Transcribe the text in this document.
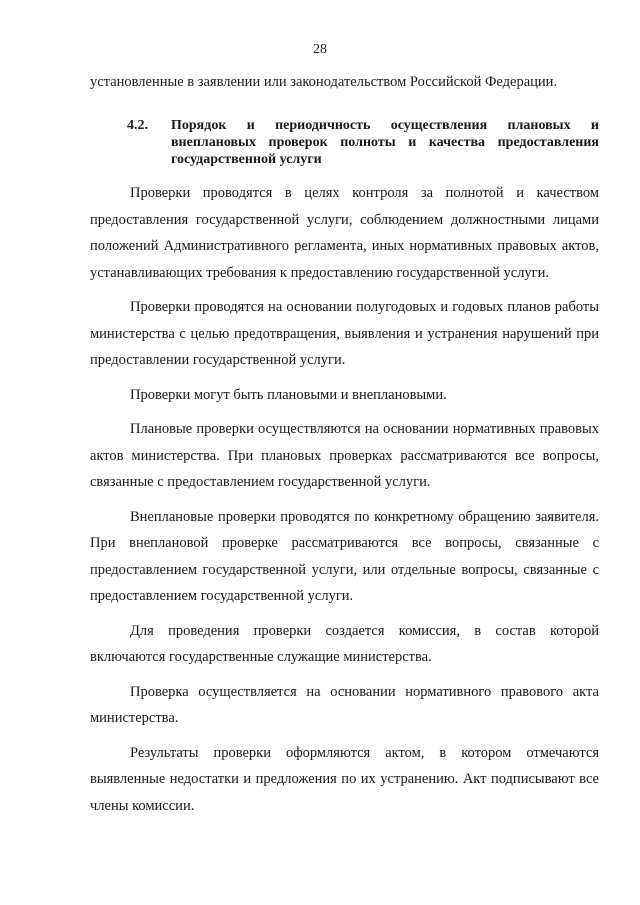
28
установленные в заявлении или законодательством Российской Федерации.
4.2. Порядок и периодичность осуществления плановых и внеплановых проверок полноты и качества предоставления государственной услуги

Проверки проводятся в целях контроля за полнотой и качеством предоставления государственной услуги, соблюдением должностными лицами положений Административного регламента, иных нормативных правовых актов, устанавливающих требования к предоставлению государственной услуги.

Проверки проводятся на основании полугодовых и годовых планов работы министерства с целью предотвращения, выявления и устранения нарушений при предоставлении государственной услуги.

Проверки могут быть плановыми и внеплановыми.

Плановые проверки осуществляются на основании нормативных правовых актов министерства. При плановых проверках рассматриваются все вопросы, связанные с предоставлением государственной услуги.

Внеплановые проверки проводятся по конкретному обращению заявителя. При внеплановой проверке рассматриваются все вопросы, связанные с предоставлением государственной услуги, или отдельные вопросы, связанные с предоставлением государственной услуги.

Для проведения проверки создается комиссия, в состав которой включаются государственные служащие министерства.

Проверка осуществляется на основании нормативного правового акта министерства.

Результаты проверки оформляются актом, в котором отмечаются выявленные недостатки и предложения по их устранению. Акт подписывают все члены комиссии.
